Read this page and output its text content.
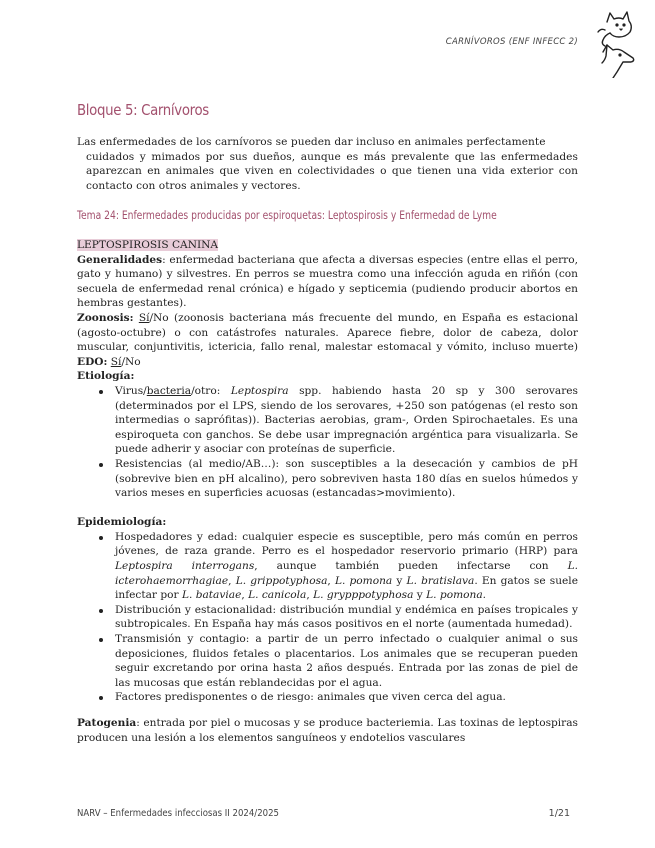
CARNÍVOROS (ENF INFECC 2)
Bloque 5: Carnívoros
Las enfermedades de los carnívoros se pueden dar incluso en animales perfectamente
cuidados y mimados por sus dueños, aunque es más prevalente que las enfermedades aparezcan en animales que viven en colectividades o que tienen una vida exterior con contacto con otros animales y vectores.
Tema 24: Enfermedades producidas por espiroquetas: Leptospirosis y Enfermedad de Lyme

LEPTOSPIROSIS CANINA

Generalidades: enfermedad bacteriana que afecta a diversas especies (entre ellas el perro, gato y humano) y silvestres. En perros se muestra como una infección aguda en riñón (con secuela de enfermedad renal crónica) e hígado y septicemia (pudiendo producir abortos en hembras gestantes).

Zoonosis: Sí/No (zoonosis bacteriana más frecuente del mundo, en España es estacional (agosto-octubre) o con catástrofes naturales. Aparece fiebre, dolor de cabeza, dolor muscular, conjuntivitis, ictericia, fallo renal, malestar estomacal y vómito, incluso muerte) EDO: Sí/No

Etiología:

Virus/bacteria/otro: Leptospira spp. habiendo hasta 20 sp y 300 serovares (determinados por el LPS, siendo de los serovares, +250 son patógenas (el resto son intermedias o saprófitas)). Bacterias aerobias, gram-, Orden Spirochaetales. Es una espiroqueta con ganchos. Se debe usar impregnación argéntica para visualizarla. Se puede adherir y asociar con proteínas de superficie.
Resistencias (al medio/AB…): son susceptibles a la desecación y cambios de pH (sobrevive bien en pH alcalino), pero sobreviven hasta 180 días en suelos húmedos y varios meses en superficies acuosas (estancadas>movimiento).

Epidemiología:

Hospedadores y edad: cualquier especie es susceptible, pero más común en perros jóvenes, de raza grande. Perro es el hospedador reservorio primario (HRP) para Leptospira interrogans, aunque también pueden infectarse con L. icterohaemorrhagiae, L. grippotyphosa, L. pomona y L. bratislava. En gatos se suele infectar por L. bataviae, L. canicola, L. grypppotyphosa y L. pomona.
Distribución y estacionalidad: distribución mundial y endémica en países tropicales y subtropicales. En España hay más casos positivos en el norte (aumentada humedad).
Transmisión y contagio: a partir de un perro infectado o cualquier animal o sus deposiciones, fluidos fetales o placentarios. Los animales que se recuperan pueden seguir excretando por orina hasta 2 años después. Entrada por las zonas de piel de las mucosas que están reblandecidas por el agua.
Factores predisponentes o de riesgo: animales que viven cerca del agua.

Patogenia: entrada por piel o mucosas y se produce bacteriemia. Las toxinas de leptospiras producen una lesión a los elementos sanguíneos y endotelios vasculares

NARV – Enfermedades infecciosas II 2024/2025	1/21
